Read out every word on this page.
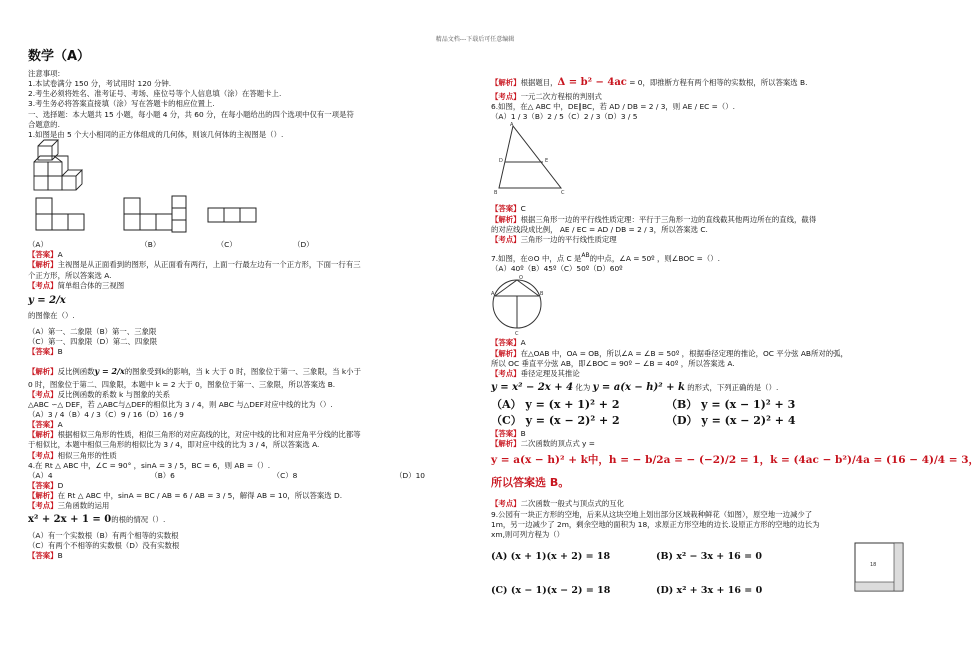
精品文档---下载后可任意编辑
数学（A）
注意事项:
1.本试卷满分 150 分，考试用时 120 分钟.
2.考生必须将姓名、准考证号、考场、座位号等个人信息填（涂）在答题卡上.
3.考生务必将答案直接填（涂）写在答题卡的相应位置上.
一、选择题：本大题共 15 小题，每小题 4 分，共 60 分，在每小题给出的四个选项中仅有一项是符
合题意的.
1.如图是由 5 个大小相同的正方体组成的几何体，则该几何体的主视图是（）.
（A）	（B）	（C）	（D）
【答案】A
【解析】主视图是从正面看到的图形，从正面看有两行，上面一行最左边有一个正方形，下面一行有三
个正方形，所以答案选 A.
【考点】简单组合体的三视图
y = 2/x
的图像在（）.
（A）第一、二象限（B）第一、三象限
（C）第一、四象限（D）第二、四象限
【答案】B
【解析】反比例函数y = 2/x的图象受到k的影响，当 k 大于 0 时，图象位于第一、三象限，当 k小于
0 时，图象位于第二、四象限，本题中 k = 2 大于 0，图象位于第一、三象限，所以答案选 B.
【考点】反比例函数的系数 k 与图象的关系
△ABC ∽△ DEF，若 △ABC与△DEF的相似比为 3 / 4，则 ABC 与△DEF对应中线的比为（）.
（A）3 / 4（B）4 / 3（C）9 / 16（D）16 / 9
【答案】A
【解析】根据相似三角形的性质，相似三角形的对应高线的比，对应中线的比和对应角平分线的比都等
于相似比，本题中相似三角形的相似比为 3 / 4，即对应中线的比为 3 / 4，所以答案选 A.
【考点】相似三角形的性质
4.在 Rt △ ABC 中，∠C = 90° ，sinA = 3 / 5，BC = 6，则 AB =（）.
（A）4	（B）6	（C）8	（D）10
【答案】D
【解析】在 Rt △ ABC 中，sinA = BC / AB = 6 / AB = 3 / 5，解得 AB = 10，所以答案选 D.
【考点】三角函数的运用
x² + 2x + 1 = 0的根的情况（）.
（A）有一个实数根（B）有两个相等的实数根
（C）有两个不相等的实数根（D）没有实数根
【答案】B
【解析】根据题目，Δ = b² − 4ac = 0，即推断方程有两个相等的实数根，所以答案选 B.
【考点】一元二次方程根的判别式
6.如图，在△ ABC 中，DE∥BC，若 AD / DB = 2 / 3，则 AE / EC =（）.
（A）1 / 3（B）2 / 5（C）2 / 3（D）3 / 5
A
D	E
B	C
【答案】C
【解析】根据三角形一边的平行线性质定理：平行于三角形一边的直线截其他两边所在的直线，截得
的对应线段成比例， AE / EC = AD / DB = 2 / 3，所以答案选 C.
【考点】三角形一边的平行线性质定理
7.如图，在⊙O 中，点 C 是$^{AB}$的中点，∠A = 50º ，则∠BOC =（）.
（A）40º（B）45º（C）50º（D）60º
O
A	B
C
【答案】A
【解析】在△OAB 中，OA = OB，所以∠A = ∠B = 50º ，根据垂径定理的推论，OC 平分弦 AB所对的弧，
所以 OC 垂直平分弦 AB，即∠BOC = 90º − ∠B = 40º ，所以答案选 A.
【考点】垂径定理及其推论
y = x² − 2x + 4 化为 y = a(x − h)² + k 的形式，下列正确的是（）.
（A） y = (x + 1)² + 2	（B） y = (x − 1)² + 3
（C） y = (x − 2)² + 2	（D） y = (x − 2)² + 4
【答案】B
【解析】二次函数的顶点式 y =
y = a(x − h)² + k中，h = − b/2a = − (−2)/2 = 1，k = (4ac − b²)/4a = (16 − 4)/4 = 3，
所以答案选 B。
【考点】二次函数一般式与顶点式的互化
9.公园有一块正方形的空地，后来从这块空地上划出部分区域栽种鲜花（如图），原空地一边减少了
1m，另一边减少了 2m，剩余空地的面积为 18，求原正方形空地的边长.设原正方形的空地的边长为
xm,则可列方程为（）
(A) (x + 1)(x + 2) = 18	(B) x² − 3x + 16 = 0
(C) (x − 1)(x − 2) = 18	(D) x² + 3x + 16 = 0
18
